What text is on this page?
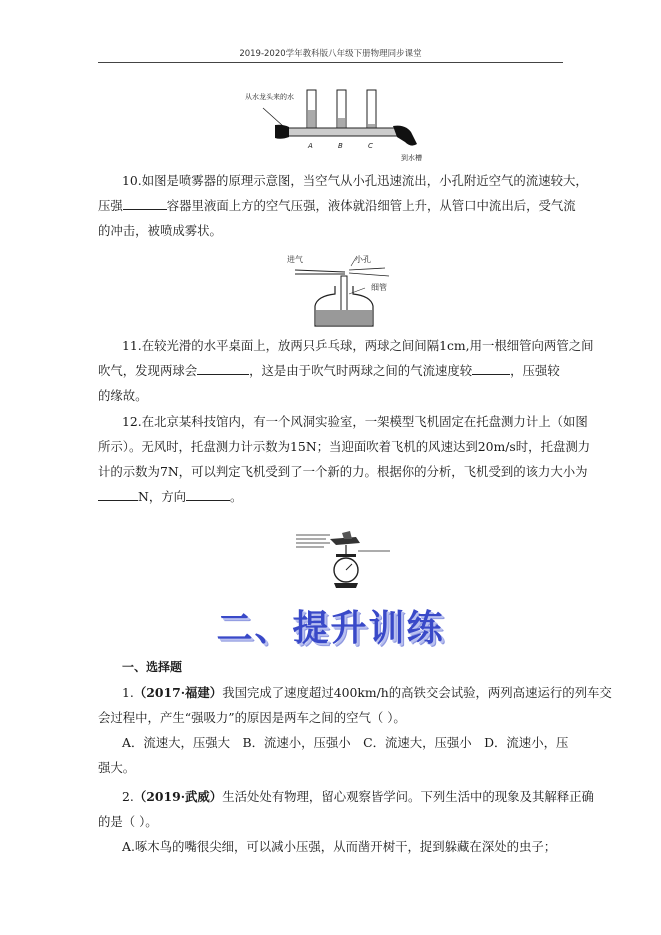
2019-2020学年教科版八年级下册物理同步课堂
从水龙头来的水
A	B	C
到水槽
10.如图是喷雾器的原理示意图，当空气从小孔迅速流出，小孔附近空气的流速较大，
压强	容器里液面上方的空气压强，液体就沿细管上升，从管口中流出后，受气流
的冲击，被喷成雾状。
进气	小孔
细管
11.在较光滑的水平桌面上，放两只乒乓球，两球之间间隔1cm,用一根细管向两管之间
吹气，发现两球会	，这是由于吹气时两球之间的气流速度较	，压强较
的缘故。
12.在北京某科技馆内，有一个风洞实验室，一架模型飞机固定在托盘测力计上（如图
所示）。无风时，托盘测力计示数为15N；当迎面吹着飞机的风速达到20m/s时，托盘测力
计的示数为7N，可以判定飞机受到了一个新的力。根据你的分析，飞机受到的该力大小为
N，方向	。
二、提升训练
一、选择题
1.（2017·福建）我国完成了速度超过400km/h的高铁交会试验，两列高速运行的列车交
会过程中，产生“强吸力”的原因是两车之间的空气（ ）。
A．流速大，压强大  B．流速小，压强小  C．流速大，压强小  D．流速小，压
强大。
2.（2019·武威）生活处处有物理，留心观察皆学问。下列生活中的现象及其解释正确
的是（ ）。
A.啄木鸟的嘴很尖细，可以减小压强，从而凿开树干，捉到躲藏在深处的虫子；
